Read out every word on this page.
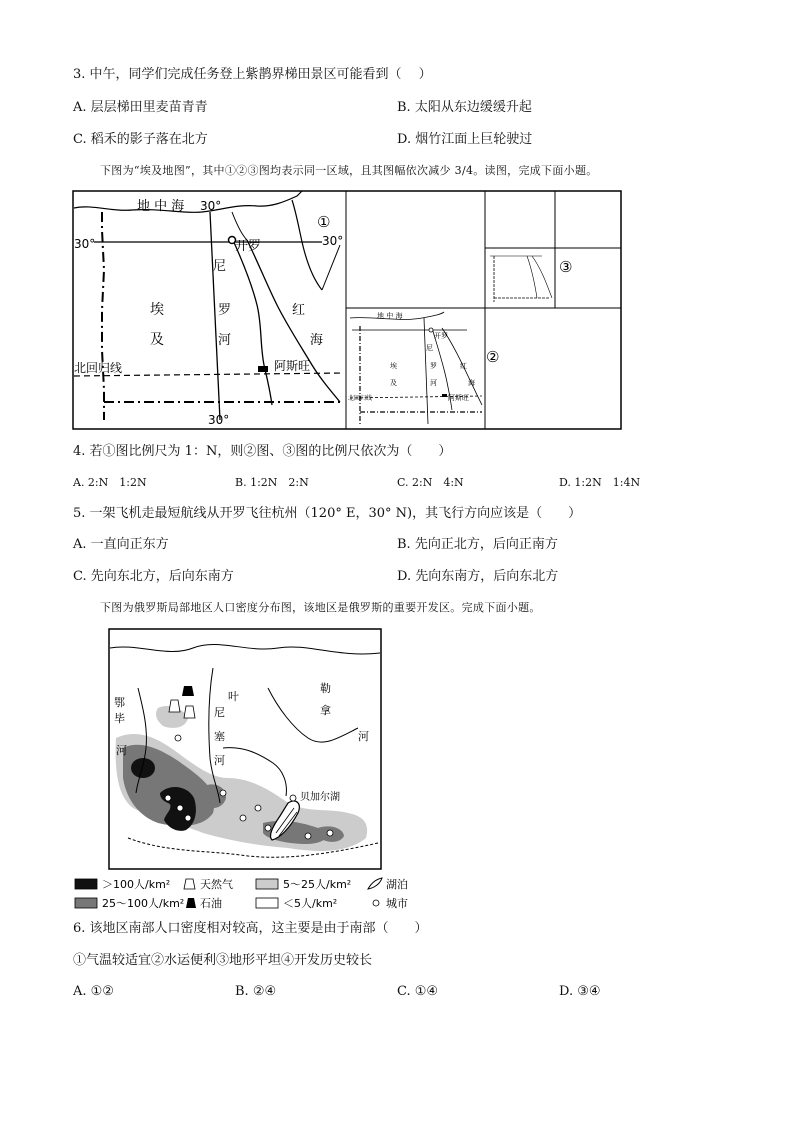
3. 中午，同学们完成任务登上紫鹊界梯田景区可能看到（　 ）
A. 层层梯田里麦苗青青	B. 太阳从东边缓缓升起
C. 稻禾的影子落在北方	D. 烟竹江面上巨轮驶过
下图为“埃及地图”，其中①②③图均表示同一区域，且其图幅依次减少 3/4。读图，完成下面小题。
地 中 海 30°
30°	30°
开罗
尼
罗
河
埃
及
红
海
北回归线	阿斯旺
30°
①
地 中 海
开罗
埃
及
尼
罗
河
红
海
北回归线	阿斯旺
②
③
4. 若①图比例尺为 1：N，则②图、③图的比例尺依次为（　　）
A. 2:N　1:2N	B. 1:2N　2:N	C. 2:N　4:N	D. 1:2N　1:4N
5. 一架飞机走最短航线从开罗飞往杭州（120° E，30° N)，其飞行方向应该是（　　）
A. 一直向正东方	B. 先向正北方，后向正南方
C. 先向东北方，后向东南方	D. 先向东南方，后向东北方
下图为俄罗斯局部地区人口密度分布图，该地区是俄罗斯的重要开发区。完成下面小题。
鄂
毕
河
叶
尼
塞
河
勒
拿
河
贝加尔湖
＞100人/km²	天然气	5～25人/km²	湖泊
25～100人/km² 石油	＜5人/km²	城市
6. 该地区南部人口密度相对较高，这主要是由于南部（　　）
①气温较适宜②水运便利③地形平坦④开发历史较长
A. ①②	B. ②④	C. ①④	D. ③④
